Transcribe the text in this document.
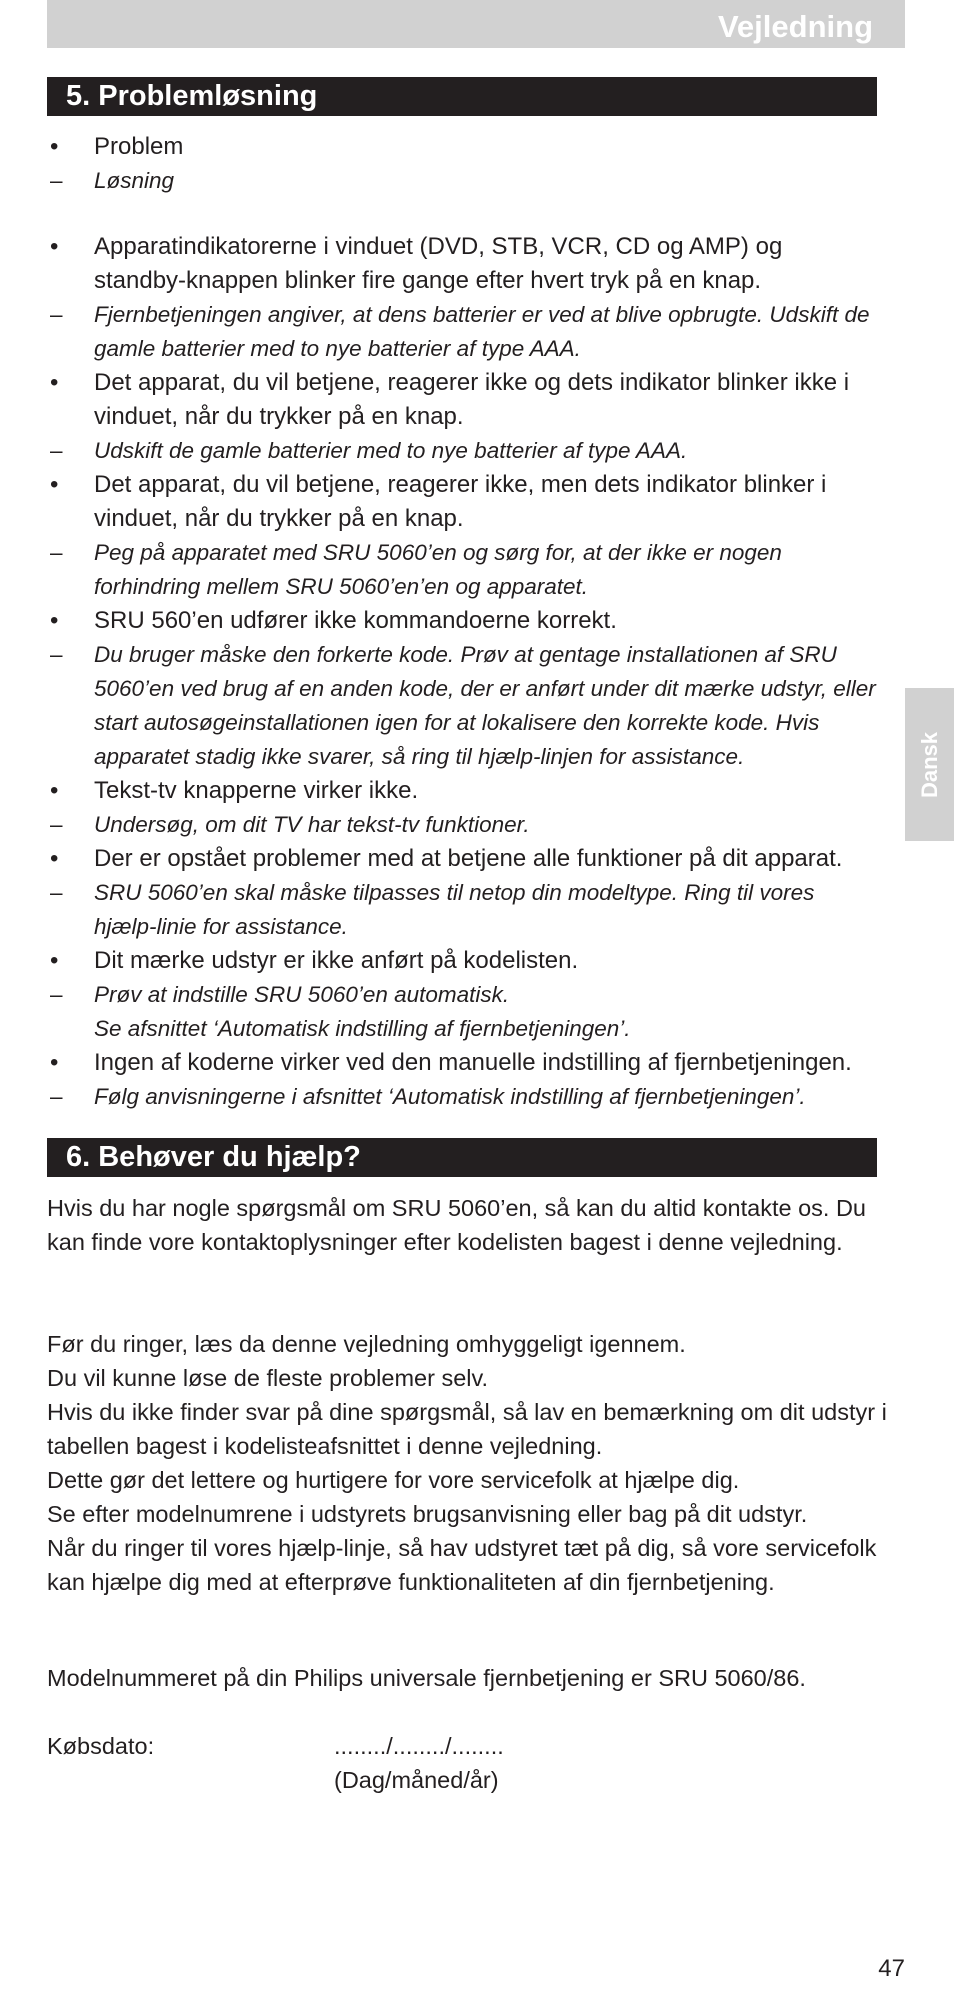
Vejledning
5. Problemløsning
• Problem
– Løsning
• Apparatindikatorerne i vinduet (DVD, STB, VCR, CD og AMP) og standby-knappen blinker fire gange efter hvert tryk på en knap.
– Fjernbetjeningen angiver, at dens batterier er ved at blive opbrugte. Udskift de gamle batterier med to nye batterier af type AAA.
• Det apparat, du vil betjene, reagerer ikke og dets indikator blinker ikke i vinduet, når du trykker på en knap.
– Udskift de gamle batterier med to nye batterier af type AAA.
• Det apparat, du vil betjene, reagerer ikke, men dets indikator blinker i vinduet, når du trykker på en knap.
– Peg på apparatet med SRU 5060’en og sørg for, at der ikke er nogen forhindring mellem SRU 5060’en’en og apparatet.
• SRU 560’en udfører ikke kommandoerne korrekt.
– Du bruger måske den forkerte kode. Prøv at gentage installationen af SRU 5060’en ved brug af en anden kode, der er anført under dit mærke udstyr, eller start autosøgeinstallationen igen for at lokalisere den korrekte kode. Hvis apparatet stadig ikke svarer, så ring til hjælp-linjen for assistance.
• Tekst-tv knapperne virker ikke.
– Undersøg, om dit TV har tekst-tv funktioner.
• Der er opstået problemer med at betjene alle funktioner på dit apparat.
– SRU 5060’en skal måske tilpasses til netop din modeltype. Ring til vores hjælp-linie for assistance.
• Dit mærke udstyr er ikke anført på kodelisten.
– Prøv at indstille SRU 5060’en automatisk.
Se afsnittet ‘Automatisk indstilling af fjernbetjeningen’.
• Ingen af koderne virker ved den manuelle indstilling af fjernbetjeningen.
– Følg anvisningerne i afsnittet ‘Automatisk indstilling af fjernbetjeningen’.
6. Behøver du hjælp?

Hvis du har nogle spørgsmål om SRU 5060’en, så kan du altid kontakte os. Du kan finde vore kontaktoplysninger efter kodelisten bagest i denne vejledning.

Før du ringer, læs da denne vejledning omhyggeligt igennem.
Du vil kunne løse de fleste problemer selv.
Hvis du ikke finder svar på dine spørgsmål, så lav en bemærkning om dit udstyr i tabellen bagest i kodelisteafsnittet i denne vejledning.
Dette gør det lettere og hurtigere for vore servicefolk at hjælpe dig.
Se efter modelnumrene i udstyrets brugsanvisning eller bag på dit udstyr.
Når du ringer til vores hjælp-linje, så hav udstyret tæt på dig, så vore servicefolk kan hjælpe dig med at efterprøve funktionaliteten af din fjernbetjening.

Modelnummeret på din Philips universale fjernbetjening er SRU 5060/86.

Købsdato:	......../......../........
(Dag/måned/år)
Dansk
47
